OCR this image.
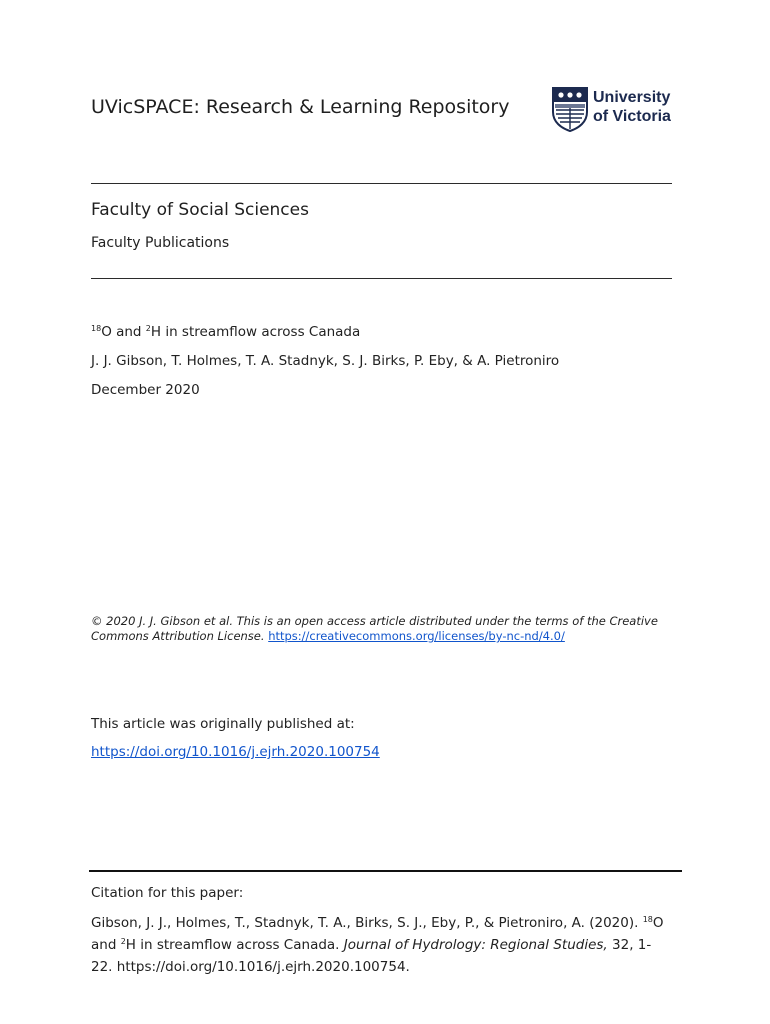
UVicSPACE: Research & Learning Repository	University
of Victoria
Faculty of Social Sciences
Faculty Publications
$^{18}$O and $^2$H in streamflow across Canada
J. J. Gibson, T. Holmes, T. A. Stadnyk, S. J. Birks, P. Eby, & A. Pietroniro
December 2020
© 2020 J. J. Gibson et al. This is an open access article distributed under the terms of the Creative Commons Attribution License. https://creativecommons.org/licenses/by-nc-nd/4.0/
This article was originally published at:
https://doi.org/10.1016/j.ejrh.2020.100754
Citation for this paper:
Gibson, J. J., Holmes, T., Stadnyk, T. A., Birks, S. J., Eby, P., & Pietroniro, A. (2020). $^{18}$O and $^2$H in streamflow across Canada. Journal of Hydrology: Regional Studies, 32, 1-22. https://doi.org/10.1016/j.ejrh.2020.100754.
